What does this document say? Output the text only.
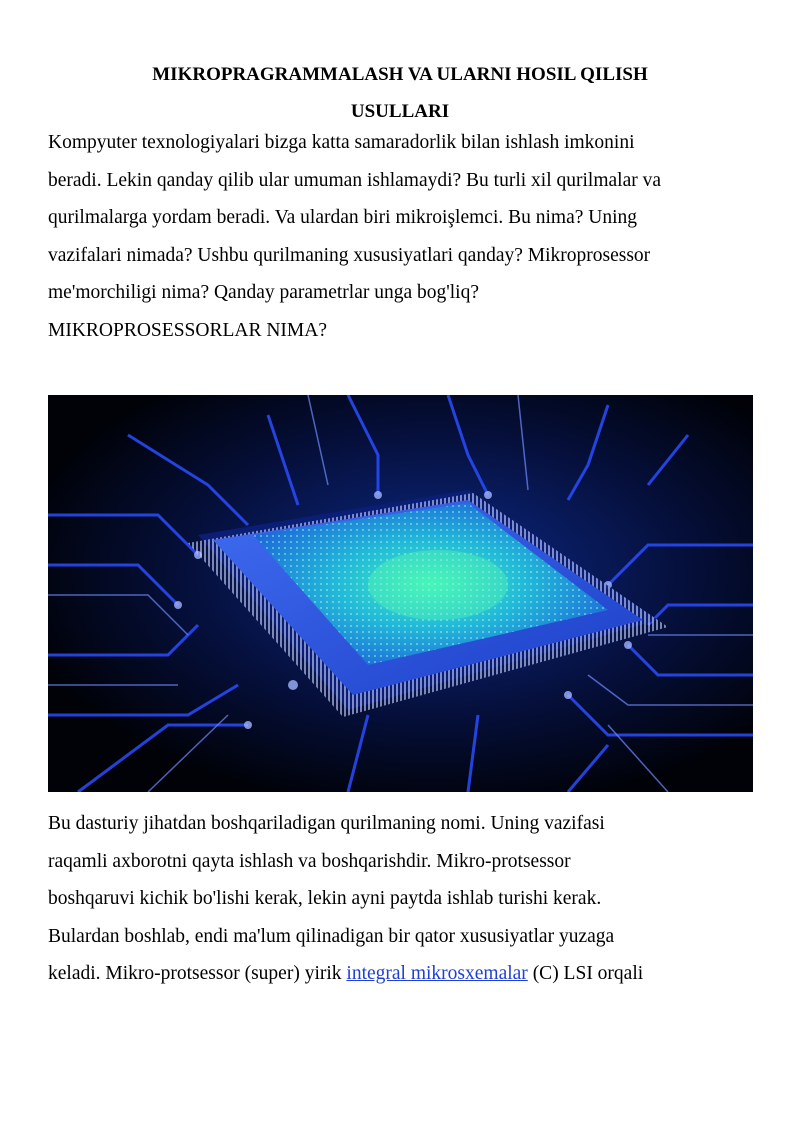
MIKROPRAGRAMMALASH VA ULARNI HOSIL QILISH
USULLARI

Kompyuter texnologiyalari bizga katta samaradorlik bilan ishlash imkonini

beradi. Lekin qanday qilib ular umuman ishlamaydi? Bu turli xil qurilmalar va

qurilmalarga yordam beradi. Va ulardan biri mikroişlemci. Bu nima? Uning

vazifalari nimada? Ushbu qurilmaning xususiyatlari qanday? Mikroprosessor

me'morchiligi nima? Qanday parametrlar unga bog'liq?

MIKROPROSESSORLAR NIMA?

Bu dasturiy jihatdan boshqariladigan qurilmaning nomi. Uning vazifasi

raqamli axborotni qayta ishlash va boshqarishdir. Mikro-protsessor

boshqaruvi kichik bo'lishi kerak, lekin ayni paytda ishlab turishi kerak.

Bulardan boshlab, endi ma'lum qilinadigan bir qator xususiyatlar yuzaga

keladi. Mikro-protsessor (super) yirik integral mikrosxemalar (C) LSI orqali
